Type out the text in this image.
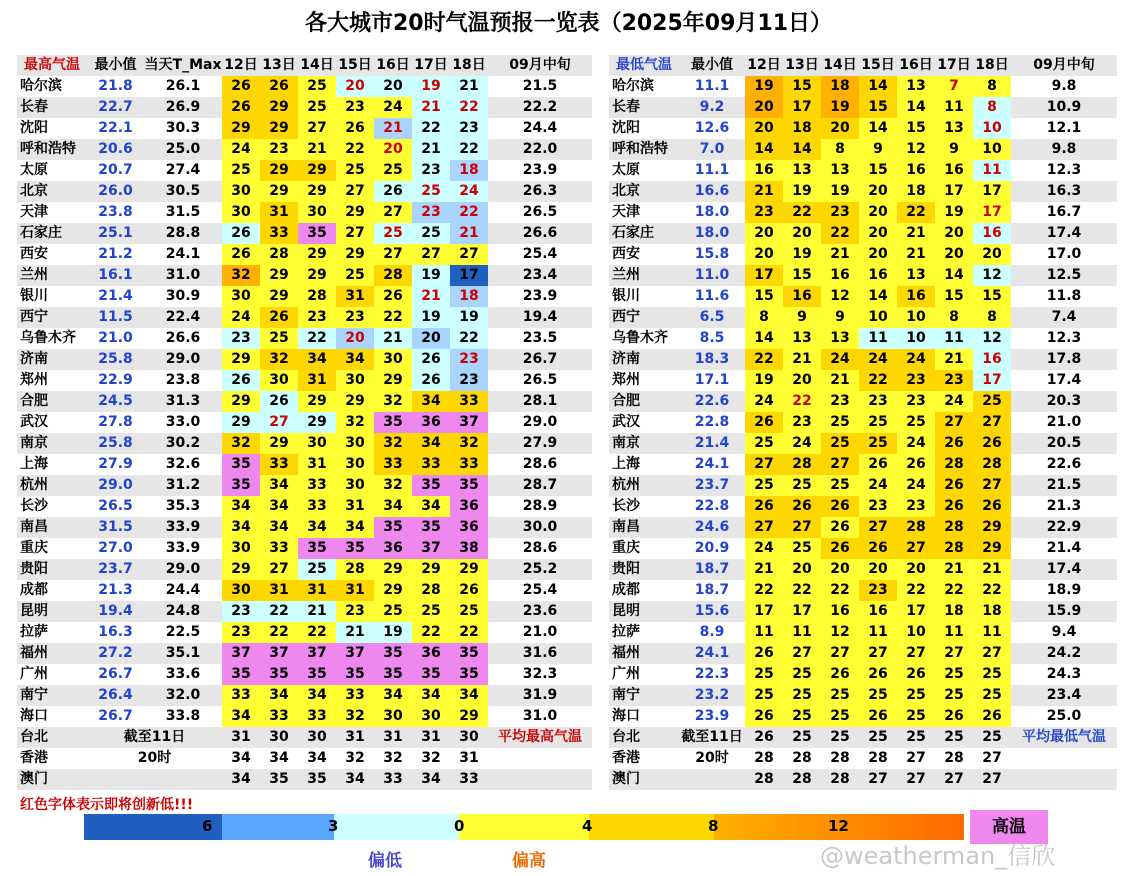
各大城市20时气温预报一览表（2025年09月11日）
最高气温	最小值	当天T_Max	12日	13日	14日	15日	16日	17日	18日	09月中旬
哈尔滨	21.8	26.1	26	26	25	20	20	19	21	21.5
长春	22.7	26.9	26	29	25	23	24	21	22	22.2
沈阳	22.1	30.3	29	29	27	26	21	22	23	24.4
呼和浩特	20.6	25.0	24	23	21	22	20	21	22	22.0
太原	20.7	27.4	25	29	29	25	25	23	18	23.9
北京	26.0	30.5	30	29	29	27	26	25	24	26.3
天津	23.8	31.5	30	31	30	29	27	23	22	26.5
石家庄	25.1	28.8	26	33	35	27	25	25	21	26.6
西安	21.2	24.1	26	28	29	29	27	27	27	25.4
兰州	16.1	31.0	32	29	29	25	28	19	17	23.4
银川	21.4	30.9	30	29	28	31	26	21	18	23.9
西宁	11.5	22.4	24	26	23	23	22	19	19	19.4
乌鲁木齐	21.0	26.6	23	25	22	20	21	20	22	23.5
济南	25.8	29.0	29	32	34	34	30	26	23	26.7
郑州	22.9	23.8	26	30	31	30	29	26	23	26.5
合肥	24.5	31.3	29	26	29	29	32	34	33	28.1
武汉	27.8	33.0	29	27	29	32	35	36	37	29.0
南京	25.8	30.2	32	29	30	30	32	34	32	27.9
上海	27.9	32.6	35	33	31	30	33	33	33	28.6
杭州	29.0	31.2	35	34	33	30	32	35	35	28.7
长沙	26.5	35.3	34	34	33	31	34	34	36	28.9
南昌	31.5	33.9	34	34	34	34	35	35	36	30.0
重庆	27.0	33.9	30	33	35	35	36	37	38	28.6
贵阳	23.7	29.0	29	27	25	28	29	29	29	25.2
成都	21.3	24.4	30	31	31	31	29	28	26	25.4
昆明	19.4	24.8	23	22	21	23	25	25	25	23.6
拉萨	16.3	22.5	23	22	22	21	19	22	22	21.0
福州	27.2	35.1	37	37	37	37	35	36	35	31.6
广州	26.7	33.6	35	35	35	35	35	35	35	32.3
南宁	26.4	32.0	33	34	34	33	34	34	34	31.9
海口	26.7	33.8	34	33	33	32	30	30	29	31.0
台北	截至11日		31	30	30	31	31	31	30	平均最高气温
香港	20时		34	34	34	32	32	32	31	
澳门			34	35	35	34	33	34	33	
最低气温	最小值	12日	13日	14日	15日	16日	17日	18日	09月中旬
哈尔滨	11.1	19	15	18	14	13	7	8	9.8
长春	9.2	20	17	19	15	14	11	8	10.9
沈阳	12.6	20	18	20	14	15	13	10	12.1
呼和浩特	7.0	14	14	8	9	12	9	10	9.8
太原	11.1	16	13	13	15	16	16	11	12.3
北京	16.6	21	19	19	20	18	17	17	16.3
天津	18.0	23	22	23	20	22	19	17	16.7
石家庄	18.0	20	20	22	20	21	20	16	17.4
西安	15.8	20	19	21	20	21	20	20	17.0
兰州	11.0	17	15	16	16	13	14	12	12.5
银川	11.6	15	16	12	14	16	15	15	11.8
西宁	6.5	8	9	9	10	10	8	8	7.4
乌鲁木齐	8.5	14	13	13	11	10	11	12	12.3
济南	18.3	22	21	24	24	24	21	16	17.8
郑州	17.1	19	20	21	22	23	23	17	17.4
合肥	22.6	24	22	23	23	23	24	25	20.3
武汉	22.8	26	23	25	25	25	27	27	21.0
南京	21.4	25	24	25	25	24	26	26	20.5
上海	24.1	27	28	27	26	26	28	28	22.6
杭州	23.7	25	25	25	24	24	26	27	21.5
长沙	22.8	26	26	26	23	23	26	26	21.3
南昌	24.6	27	27	26	27	28	28	29	22.9
重庆	20.9	24	25	26	26	27	28	29	21.4
贵阳	18.7	21	20	20	20	20	21	21	17.4
成都	18.7	22	22	22	23	22	22	22	18.9
昆明	15.6	17	17	16	16	17	18	18	15.9
拉萨	8.9	11	11	12	11	10	11	11	9.4
福州	24.1	26	27	27	27	27	27	27	24.2
广州	22.3	25	25	26	26	26	25	25	24.3
南宁	23.2	25	25	25	25	25	25	25	23.4
海口	23.9	26	25	25	26	25	26	26	25.0
台北	截至11日	26	25	25	25	25	25	25	平均最低气温
香港	20时	28	28	28	28	27	28	27	
澳门		28	28	28	27	27	27	27	
红色字体表示即将创新低!!!
6	3	0	4	8	12	高温
偏低	偏高	@weatherman_信欣
